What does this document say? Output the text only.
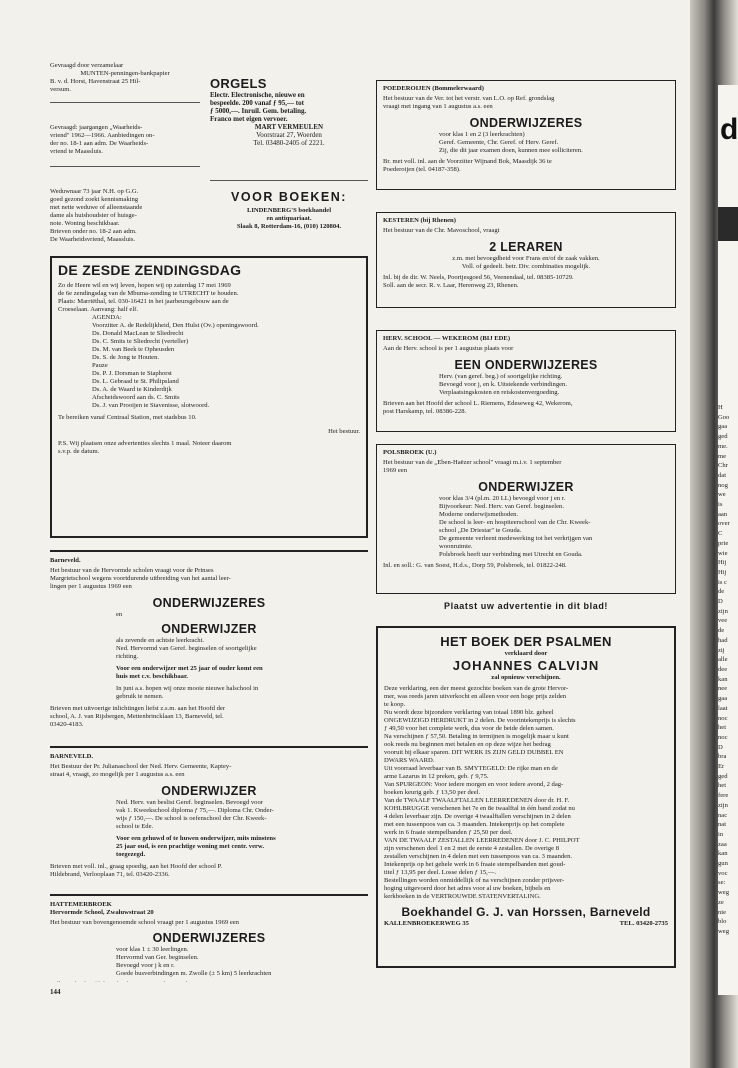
Gevraagd door verzamelaar

MUNTEN-penningen-bankpapier

B. v. d. Horst, Havenstraat 25 Hil-

versum.

Gevraagd: jaargangen „Waarheids-

vriend" 1962—1966. Aanbiedingen on-

der no. 18-1 aan adm. De Waarheids-

vriend te Maassluis.

Weduwnaar 73 jaar N.H. op G.G.

goed gezond zoekt kennismaking

met nette weduwe of alleenstaande

dame als huishoudster of huisge-

note. Woning beschikbaar.

Brieven onder no. 18-2 aan adm.

De Waarheidsvriend, Maassluis.

ORGELS

Electr. Electronische, nieuwe en

bespeelde. 200 vanaf ƒ 95,— tot

ƒ 5000,—. Inruil. Gem. betaling.

Franco met eigen vervoer.

MART VERMEULEN

Voorstraat 27, Woerden

Tel. 03480-2405 of 2221.

VOOR BOEKEN:

LINDENBERG'S boekhandel

en antiquariaat.

Slaak 8, Rotterdam-16, (010) 120804.

DE ZESDE ZENDINGSDAG

Zo de Heere wil en wij leven, hopen wij op zaterdag 17 mei 1969

de 6e zendingsdag van de Mbuma-zending te UTRECHT te houden.

Plaats: Marriëthal, tel. 030-16421 in het jaarbeursgebouw aan de

Croeselaan. Aanvang: half elf.

AGENDA:

Voorzitter A. de Redelijkheid, Den Hulst (Ov.) openingswoord.

Ds. Donald MacLean te Sliedrecht

Ds. C. Smits te Sliedrecht (verteller)

Ds. M. van Beek te Opheusden

Ds. S. de Jong te Houten.

Pauze

Ds. P. J. Dorsman te Staphorst

Ds. L. Gebraad te St. Philipsland

Ds. A. de Waard te Kinderdijk

Afscheidswoord aan ds. C. Smits

Ds. J. van Prooijen te Stavenisse, slotwoord.

Te bereiken vanaf Centraal Station, met stadsbus 10.

Het bestuur.

P.S. Wij plaatsen onze advertenties slechts 1 maal. Noteer daarom

s.v.p. de datum.

Barneveld.

Het bestuur van de Hervormde scholen vraagt voor de Prinses

Margrietschool wegens voortdurende uitbreiding van het aantal leer-

lingen per 1 augustus 1969 een

ONDERWIJZERES

en

ONDERWIJZER

als zevende en achtste leerkracht.

Ned. Hervormd van Geref. beginselen of soortgelijke

richting.

Voor een onderwijzer met 25 jaar of ouder komt een

huis met c.v. beschikbaar.

In juni a.s. hopen wij onze mooie nieuwe halschool in

gebruik te nemen.

Brieven met uitvoerige inlichtingen liefst z.s.m. aan het Hoofd der

school, A. J. van Rijsbergen, Mettenbrincklaan 13, Barneveld, tel.

03420-4183.

BARNEVELD.

Het Bestuur der Pr. Julianaschool der Ned. Herv. Gemeente, Kaptey-

straat 4, vraagt, zo mogelijk per 1 augustus a.s. een

ONDERWIJZER

Ned. Herv. van beslist Geref. beginselen. Bevoegd voor

vak 1. Kweekschool diploma ƒ 75,—. Diploma Chr. Onder-

wijs ƒ 150,—. De school is oefenschool der Chr. Kweek-

school te Ede.

Voor een gehuwd of te huwen onderwijzer, mits minstens

25 jaar oud, is een prachtige woning met centr. verw.

toegezegd.

Brieven met voll. inl., graag spoedig, aan het Hoofd der school P.

Hildebrand, Verlooplaan 71, tel. 03420-2336.

HATTEMERBROEK

Hervormde School, Zwaluwstraat 20

Het bestuur van bovengenoemde school vraagt per 1 augustus 1969 een

ONDERWIJZERES

voor klas 1 ± 30 leerlingen.

Hervormd van Ger. beginselen.

Bevoegd voor j k en r.

Goede busverbindingen m. Zwolle (± 5 km) 5 leerkrachten

POEDEROIJEN (Bommelerwaard)

Het bestuur van de Ver. tot het verstr. van L.O. op Ref. grondslag

vraagt met ingang van 1 augustus a.s. een

ONDERWIJZERES

voor klas 1 en 2 (3 leerkrachten)

Geref. Gemeente, Chr. Geref. of Herv. Geref.

Zij, die dit jaar examen doen, kunnen mee solliciteren.

Br. met voll. inl. aan de Voorzitter Wijnand Bok, Maasdijk 36 te

Poederoijen (tel. 04187-358).

KESTEREN (bij Rhenen)

Het bestuur van de Chr. Mavoschool, vraagt

2 LERAREN

z.m. met bevoegdheid voor Frans en/of de zaak vakken.

Voll. of gedeelt. betr. Div. combinaties mogelijk.

Inl. bij de dir. W. Neels, Poortjesgoed 56, Veenendaal, tel. 08385-10729.

Soll. aan de secr. R. v. Laar, Herenweg 23, Rhenen.

HERV. SCHOOL — WEKEROM (BIJ EDE)

Aan de Herv. school is per 1 augustus plaats voor

EEN ONDERWIJZERES

Herv. (van geref. beg.) of soortgelijke richting.

Bevoegd voor j, en k. Uitstekende verbindingen.

Verplaatsingskosten en reiskostenvergoeding.

Brieven aan het Hoofd der school L. Riemens, Edeseweg 42, Wekerom,

post Harskamp, tel. 08386-228.

POLSBROEK (U.)

Het bestuur van de „Eben-Haëzer school" vraagt m.i.v. 1 september

1969 een

ONDERWIJZER

voor klas 3/4 (pl.m. 20 LL) bevoegd voor j en r.

Bijvoorkeur: Ned. Herv. van Geref. beginselen.

Moderne onderwijsmethoden.

De school is leer- en hospiteerschool van de Chr. Kweek-

school „De Driestar" te Gouda.

De gemeente verleent medewerking tot het verkrijgen van

woonruimte.

Polsbroek heeft uur verbinding met Utrecht en Gouda.

Inl. en soll.: G. van Soest, H.d.s., Dorp 59, Polsbroek, tel. 01822-248.

Plaatst uw advertentie in dit blad!

HET BOEK DER PSALMEN

verklaard door

JOHANNES CALVIJN

zal opnieuw verschijnen.

Deze verklaring, een der meest gezochte boeken van de grote Hervor-

mer, was reeds jaren uitverkocht en alleen voor een hoge prijs zelden

te koop.

Nu wordt deze bijzondere verklaring van totaal 1890 blz. geheel

ONGEWIJZIGD HERDRUKT in 2 delen. De voorintekenprijs is slechts

ƒ 49,50 voor het complete werk, dus voor de beide delen samen.

Na verschijnen ƒ 57,50. Betaling in termijnen is mogelijk maar u kunt

ook reeds nu beginnen met betalen en op deze wijze het bedrag

vooruit bij elkaar sparen. DIT WERK IS ZIJN GELD DUBBEL EN

DWARS WAARD.

Uit voorraad leverbaar van B. SMYTEGELD: De rijke man en de

arme Lazarus in 12 preken, geb. ƒ 9,75.

Van SPURGEON: Voor iedere morgen en voor iedere avond, 2 dag-

boeken keurig geb. ƒ 13,50 per deel.

Van de TWAALF TWAALFTALLEN LEERREDENEN door dr. H. F.

KOHLBRUGGE verschenen het 7e en 8e twaalftal in één band zodat nu

4 delen leverbaar zijn. De overige 4 twaalftallen verschijnen in 2 delen

met een tussenpoos van ca. 3 maanden. Intekenprijs op het complete

werk in 6 fraaie stempelbanden ƒ 25,50 per deel.

VAN DE TWAALF ZESTALLEN LEERREDENEN door J. C. PHILPOT

zijn verschenen deel 1 en 2 met de eerste 4 zestallen. De overige 8

zestallen verschijnen in 4 delen met een tussenpoos van ca. 3 maanden.

Intekenprijs op het gehele werk in 6 fraaie stempelbanden met goud-

titel ƒ 13,95 per deel. Losse delen ƒ 15,—.

Bestellingen worden onmiddellijk of na verschijnen zonder prijsver-

hoging uitgevoerd door het adres voor al uw boeken, bijbels en

kerkboeken in de VERTROUWDE STATENVERTALING.

Boekhandel G. J. van Horssen, Barneveld

KALLENBROEKERWEG 35	TEL. 03420-2735

144

d

H

Goo

gaa

ged

me.

me

Chr

dat

nog

we

is

aan

over

C

prie

wie

Hij

Hij

is c

de

D

zijn

vee

de

had

zij

alle

dee

kan

nee

gaa

laat

noc

het

noc

D

bra

Er

ged

het

fere

zijn

nac

nat

in

zaa

kan

gun

voc

se:

weg

ze

nie

blo

weg
